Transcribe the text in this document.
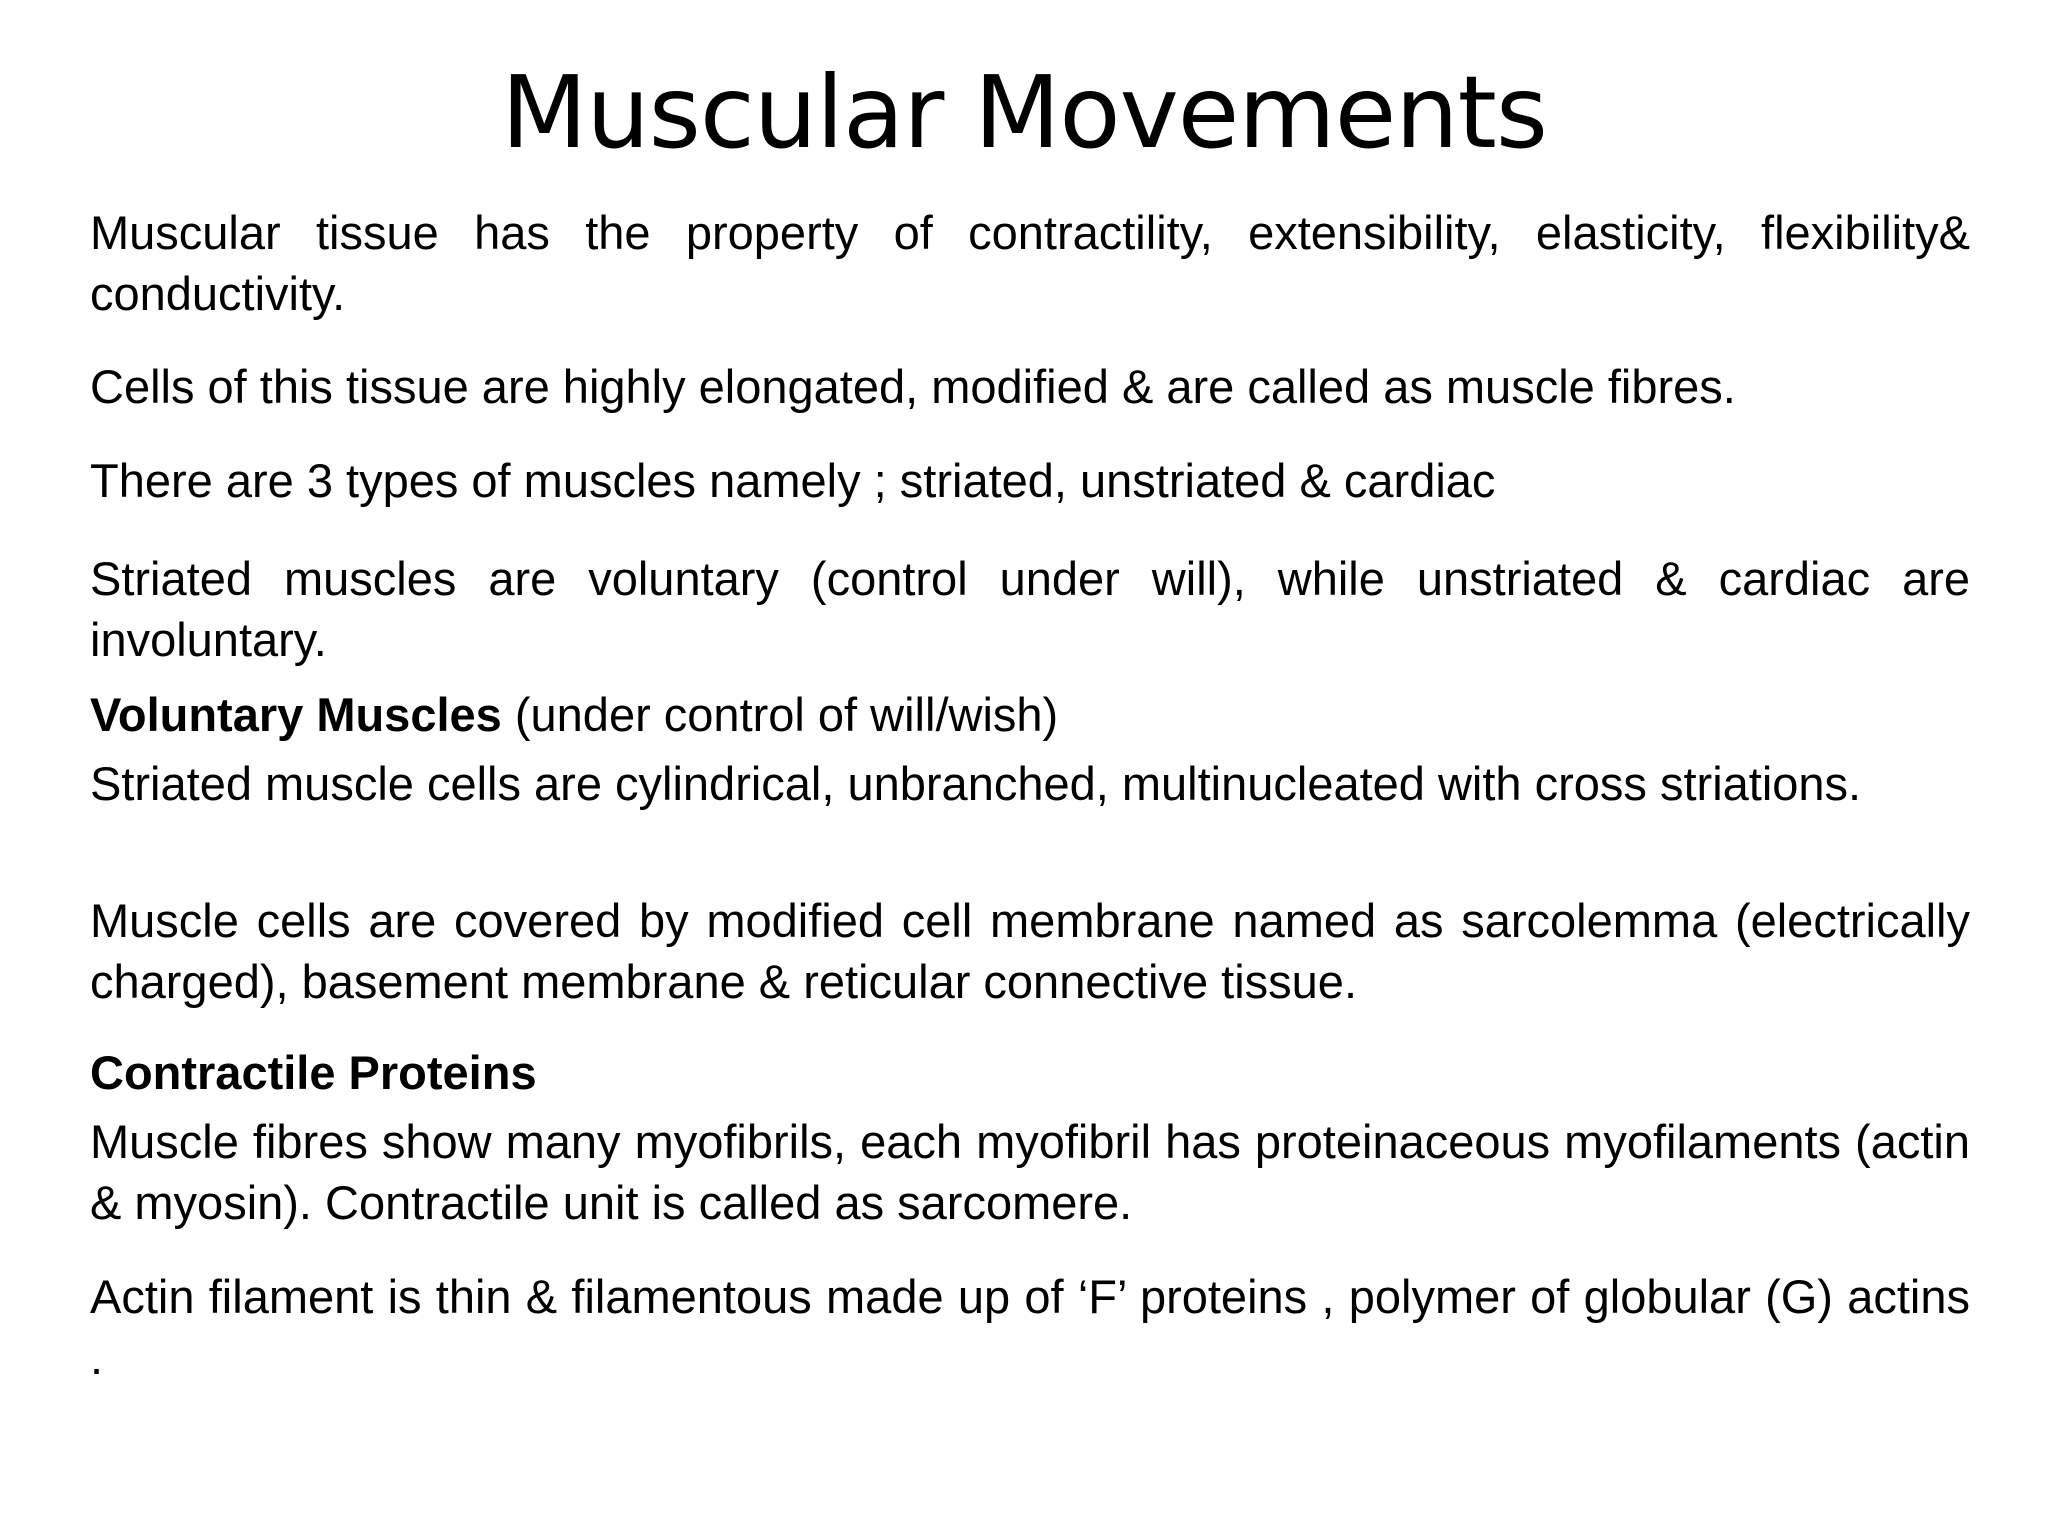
Muscular Movements

Muscular tissue has the property of contractility, extensibility, elasticity, flexibility& conductivity.

Cells of this tissue are highly elongated, modified & are called as muscle fibres.

There are 3 types of muscles namely ; striated, unstriated & cardiac

Striated muscles are voluntary (control under will), while unstriated & cardiac are involuntary.

Voluntary Muscles (under control of will/wish)

Striated muscle cells are cylindrical, unbranched, multinucleated with cross striations.

Muscle cells are covered by modified cell membrane named as sarcolemma (electrically charged), basement membrane & reticular connective tissue.

Contractile Proteins

Muscle fibres show many myofibrils, each myofibril has proteinaceous myofilaments (actin & myosin). Contractile unit is called as sarcomere.

Actin filament is thin & filamentous made up of ‘F’ proteins , polymer of globular (G) actins .
